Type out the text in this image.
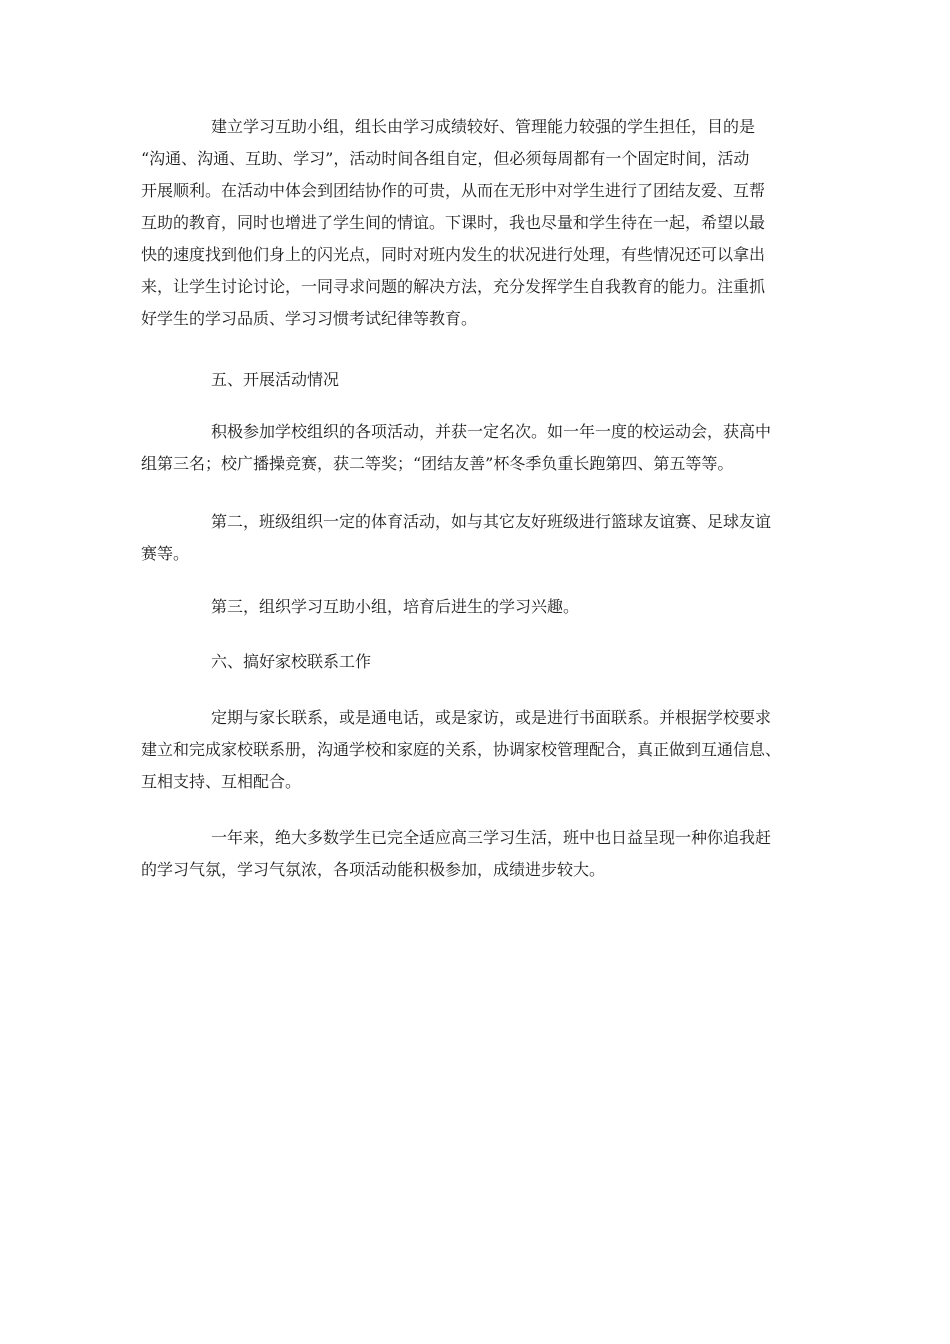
建立学习互助小组，组长由学习成绩较好、管理能力较强的学生担任，目的是
“沟通、沟通、互助、学习”，活动时间各组自定，但必须每周都有一个固定时间，活动
开展顺利。在活动中体会到团结协作的可贵，从而在无形中对学生进行了团结友爱、互帮
互助的教育，同时也增进了学生间的情谊。下课时，我也尽量和学生待在一起，希望以最
快的速度找到他们身上的闪光点，同时对班内发生的状况进行处理，有些情况还可以拿出
来，让学生讨论讨论，一同寻求问题的解决方法，充分发挥学生自我教育的能力。注重抓
好学生的学习品质、学习习惯考试纪律等教育。
五、开展活动情况
积极参加学校组织的各项活动，并获一定名次。如一年一度的校运动会，获高中
组第三名；校广播操竞赛，获二等奖；“团结友善”杯冬季负重长跑第四、第五等等。
第二，班级组织一定的体育活动，如与其它友好班级进行篮球友谊赛、足球友谊
赛等。
第三，组织学习互助小组，培育后进生的学习兴趣。
六、搞好家校联系工作
定期与家长联系，或是通电话，或是家访，或是进行书面联系。并根据学校要求
建立和完成家校联系册，沟通学校和家庭的关系，协调家校管理配合，真正做到互通信息、
互相支持、互相配合。
一年来，绝大多数学生已完全适应高三学习生活，班中也日益呈现一种你追我赶
的学习气氛，学习气氛浓，各项活动能积极参加，成绩进步较大。
